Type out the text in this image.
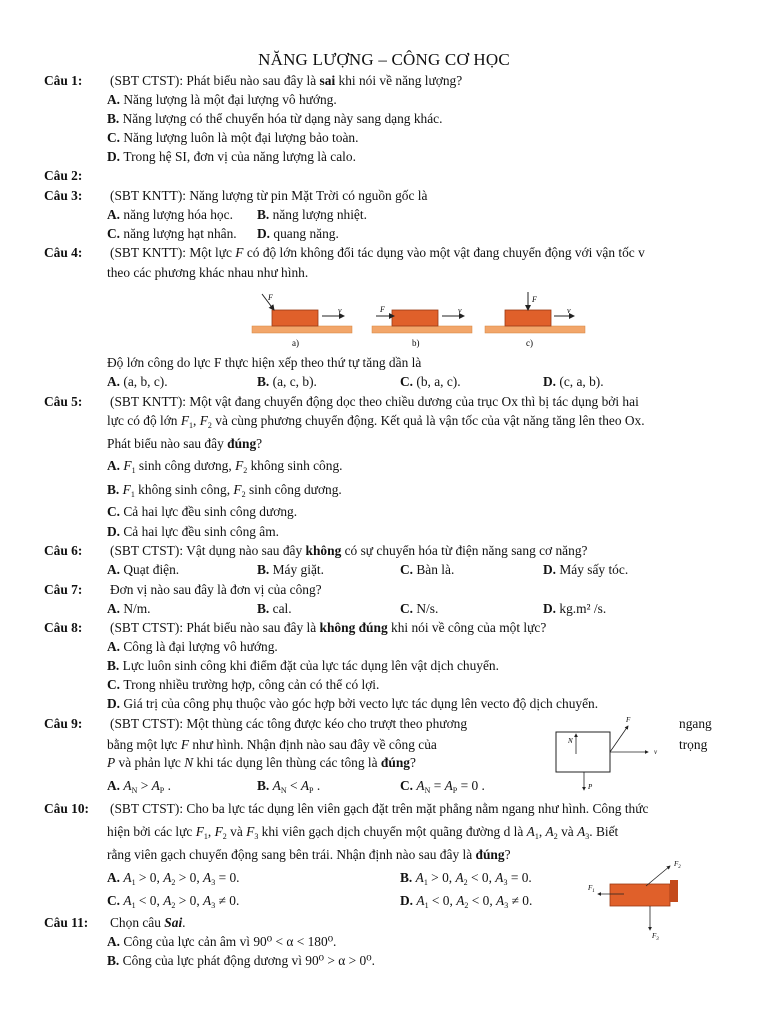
NĂNG LƯỢNG – CÔNG CƠ HỌC
Câu 1: (SBT CTST): Phát biểu nào sau đây là sai khi nói về năng lượng?
A. Năng lượng là một đại lượng vô hướng.
B. Năng lượng có thể chuyển hóa từ dạng này sang dạng khác.
C. Năng lượng luôn là một đại lượng bảo toàn.
D. Trong hệ SI, đơn vị của năng lượng là calo.
Câu 2:
Câu 3: (SBT KNTT): Năng lượng từ pin Mặt Trời có nguồn gốc là
A. năng lượng hóa học. B. năng lượng nhiệt.
C. năng lượng hạt nhân. D. quang năng.
Câu 4: (SBT KNTT): Một lực F có độ lớn không đổi tác dụng vào một vật đang chuyển động với vận tốc v
theo các phương khác nhau như hình.
F
v
a)
F	v
b)
F
v
c)
Độ lớn công do lực F thực hiện xếp theo thứ tự tăng dần là
A. (a, b, c).	B. (a, c, b).	C. (b, a, c).	D. (c, a, b).
Câu 5: (SBT KNTT): Một vật đang chuyển động dọc theo chiều dương của trục Ox thì bị tác dụng bởi hai
lực có độ lớn $F_1$, $F_2$ và cùng phương chuyển động. Kết quả là vận tốc của vật năng tăng lên theo Ox.
Phát biểu nào sau đây đúng?
A. $F_1$ sinh công dương, $F_2$ không sinh công.
B. $F_1$ không sinh công, $F_2$ sinh công dương.
C. Cả hai lực đều sinh công dương.
D. Cả hai lực đều sinh công âm.
Câu 6: (SBT CTST): Vật dụng nào sau đây không có sự chuyển hóa từ điện năng sang cơ năng?
A. Quạt điện.	B. Máy giặt.	C. Bàn là.	D. Máy sấy tóc.
Câu 7: Đơn vị nào sau đây là đơn vị của công?
A. N/m.	B. cal.	C. N/s.	D. kg.m² /s.
Câu 8: (SBT CTST): Phát biểu nào sau đây là không đúng khi nói về công của một lực?
A. Công là đại lượng vô hướng.
B. Lực luôn sinh công khi điểm đặt của lực tác dụng lên vật dịch chuyển.
C. Trong nhiều trường hợp, công cản có thể có lợi.
D. Giá trị của công phụ thuộc vào góc hợp bởi vecto lực tác dụng lên vecto độ dịch chuyển.
Câu 9: (SBT CTST): Một thùng các tông được kéo cho trượt theo phương	ngang
bằng một lực F như hình. Nhận định nào sau đây về công của	trọng
P và phản lực N khi tác dụng lên thùng các tông là đúng?
N
F
v
P
A. $A_N > A_P$ .	B. $A_N < A_P$ .	C. $A_N = A_P = 0$ .
Câu 10: (SBT CTST): Cho ba lực tác dụng lên viên gạch đặt trên mặt phẳng nằm ngang như hình. Công thức
hiện bởi các lực $F_1$, $F_2$ và $F_3$ khi viên gạch dịch chuyển một quãng đường d là $A_1$, $A_2$ và $A_3$. Biết
rằng viên gạch chuyển động sang bên trái. Nhận định nào sau đây là đúng?
A. $A_1 > 0$, $A_2 > 0$, $A_3 = 0$.	B. $A_1 > 0$, $A_2 < 0$, $A_3 = 0$.
C. $A_1 < 0$, $A_2 > 0$, $A_3 \ne 0$.	D. $A_1 < 0$, $A_2 < 0$, $A_3 \ne 0$.
$F_2$
$F_1$
$F_3$
Câu 11: Chọn câu Sai.
A. Công của lực cản âm vì 90⁰ < α < 180⁰.
B. Công của lực phát động dương vì 90⁰ > α > 0⁰.
